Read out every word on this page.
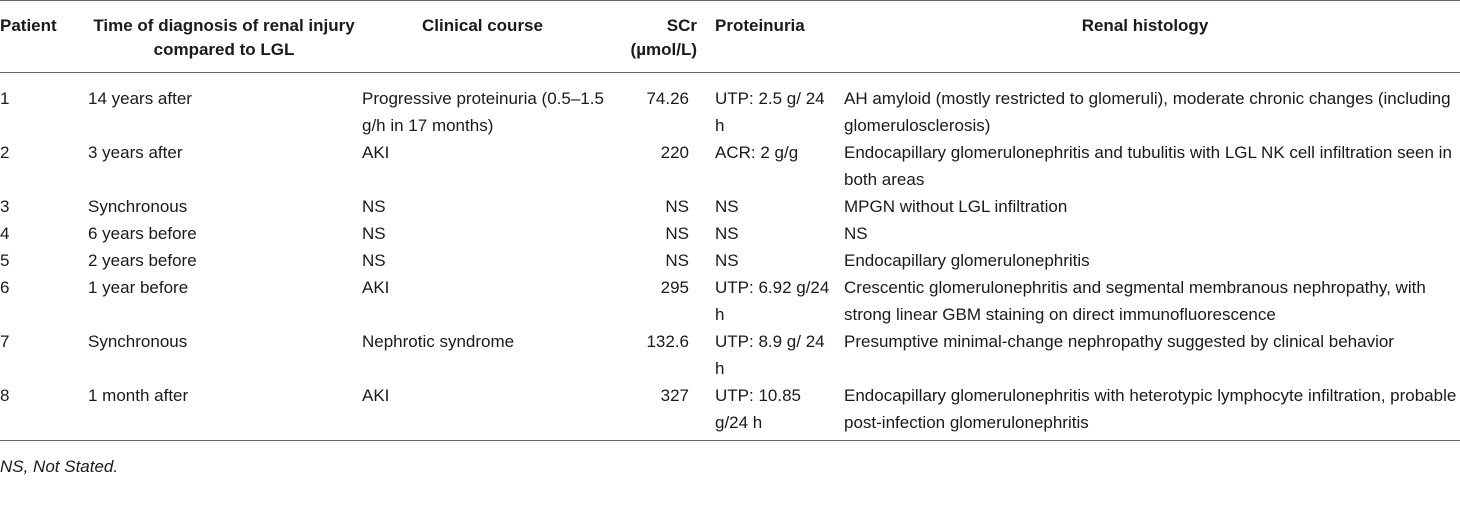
Patient	Time of diagnosis of renal injury compared to LGL	Clinical course	SCr (µmol/L)	Proteinuria	Renal histology
1	14 years after	Progressive proteinuria (0.5–1.5 g/h in 17 months)	74.26	UTP: 2.5 g/ 24 h	AH amyloid (mostly restricted to glomeruli), moderate chronic changes (including glomerulosclerosis)
2	3 years after	AKI	220	ACR: 2 g/g	Endocapillary glomerulonephritis and tubulitis with LGL NK cell infiltration seen in both areas
3	Synchronous	NS	NS	NS	MPGN without LGL infiltration
4	6 years before	NS	NS	NS	NS
5	2 years before	NS	NS	NS	Endocapillary glomerulonephritis
6	1 year before	AKI	295	UTP: 6.92 g/24 h	Crescentic glomerulonephritis and segmental membranous nephropathy, with strong linear GBM staining on direct immunofluorescence
7	Synchronous	Nephrotic syndrome	132.6	UTP: 8.9 g/ 24 h	Presumptive minimal-change nephropathy suggested by clinical behavior
8	1 month after	AKI	327	UTP: 10.85 g/24 h	Endocapillary glomerulonephritis with heterotypic lymphocyte infiltration, probable post-infection glomerulonephritis
NS, Not Stated.
